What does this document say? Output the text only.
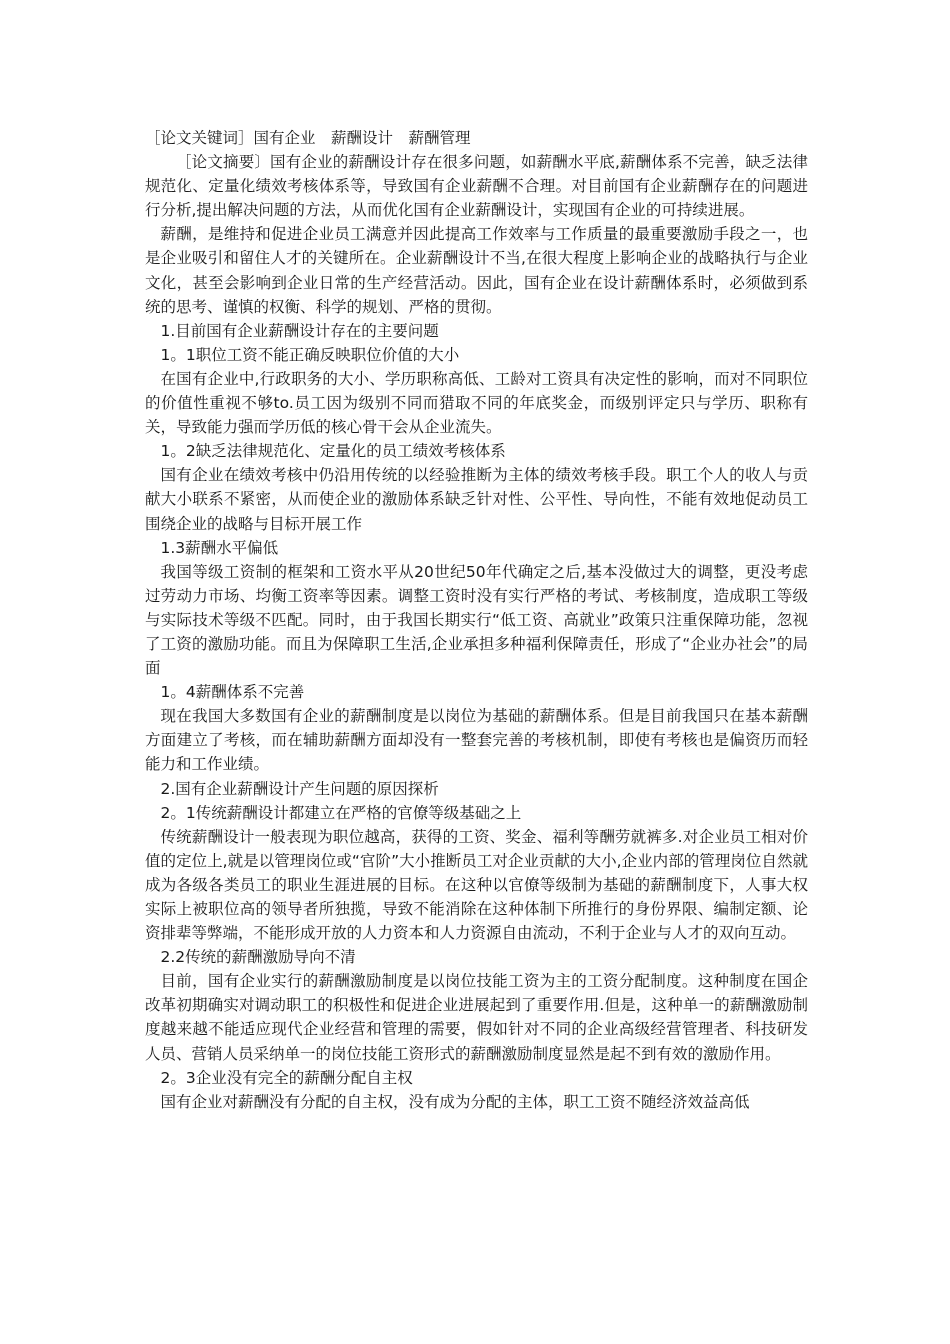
［论文关键词］国有企业　薪酬设计　薪酬管理

［论文摘要〕国有企业的薪酬设计存在很多问题，如薪酬水平底,薪酬体系不完善，缺乏法律规范化、定量化绩效考核体系等，导致国有企业薪酬不合理。对目前国有企业薪酬存在的问题进行分析,提出解决问题的方法，从而优化国有企业薪酬设计，实现国有企业的可持续进展。

薪酬，是维持和促进企业员工满意并因此提高工作效率与工作质量的最重要激励手段之一，也是企业吸引和留住人才的关键所在。企业薪酬设计不当,在很大程度上影响企业的战略执行与企业文化，甚至会影响到企业日常的生产经营活动。因此，国有企业在设计薪酬体系时，必须做到系统的思考、谨慎的权衡、科学的规划、严格的贯彻。

1.目前国有企业薪酬设计存在的主要问题

1。1职位工资不能正确反映职位价值的大小

在国有企业中,行政职务的大小、学历职称高低、工龄对工资具有决定性的影响，而对不同职位的价值性重视不够to.员工因为级别不同而猎取不同的年底奖金，而级别评定只与学历、职称有关，导致能力强而学历低的核心骨干会从企业流失。

1。2缺乏法律规范化、定量化的员工绩效考核体系

国有企业在绩效考核中仍沿用传统的以经验推断为主体的绩效考核手段。职工个人的收人与贡献大小联系不紧密，从而使企业的激励体系缺乏针对性、公平性、导向性，不能有效地促动员工围绕企业的战略与目标开展工作

1.3薪酬水平偏低

我国等级工资制的框架和工资水平从20世纪50年代确定之后,基本没做过大的调整，更没考虑过劳动力市场、均衡工资率等因素。调整工资时没有实行严格的考试、考核制度，造成职工等级与实际技术等级不匹配。同时，由于我国长期实行“低工资、高就业”政策只注重保障功能，忽视了工资的激励功能。而且为保障职工生活,企业承担多种福利保障责任，形成了“企业办社会”的局面

1。4薪酬体系不完善

现在我国大多数国有企业的薪酬制度是以岗位为基础的薪酬体系。但是目前我国只在基本薪酬方面建立了考核，而在辅助薪酬方面却没有一整套完善的考核机制，即使有考核也是偏资历而轻能力和工作业绩。

2.国有企业薪酬设计产生问题的原因探析

2。1传统薪酬设计都建立在严格的官僚等级基础之上

传统薪酬设计一般表现为职位越高，获得的工资、奖金、福利等酬劳就裤多.对企业员工相对价值的定位上,就是以管理岗位或“官阶”大小推断员工对企业贡献的大小,企业内部的管理岗位自然就成为各级各类员工的职业生涯进展的目标。在这种以官僚等级制为基础的薪酬制度下，人事大权实际上被职位高的领导者所独揽，导致不能消除在这种体制下所推行的身份界限、编制定额、论资排辈等弊端，不能形成开放的人力资本和人力资源自由流动，不利于企业与人才的双向互动。

2.2传统的薪酬激励导向不清

目前，国有企业实行的薪酬激励制度是以岗位技能工资为主的工资分配制度。这种制度在国企改革初期确实对调动职工的积极性和促进企业进展起到了重要作用.但是，这种单一的薪酬激励制度越来越不能适应现代企业经营和管理的需要，假如针对不同的企业高级经营管理者、科技研发人员、营销人员采纳单一的岗位技能工资形式的薪酬激励制度显然是起不到有效的激励作用。

2。3企业没有完全的薪酬分配自主权

国有企业对薪酬没有分配的自主权，没有成为分配的主体，职工工资不随经济效益高低
